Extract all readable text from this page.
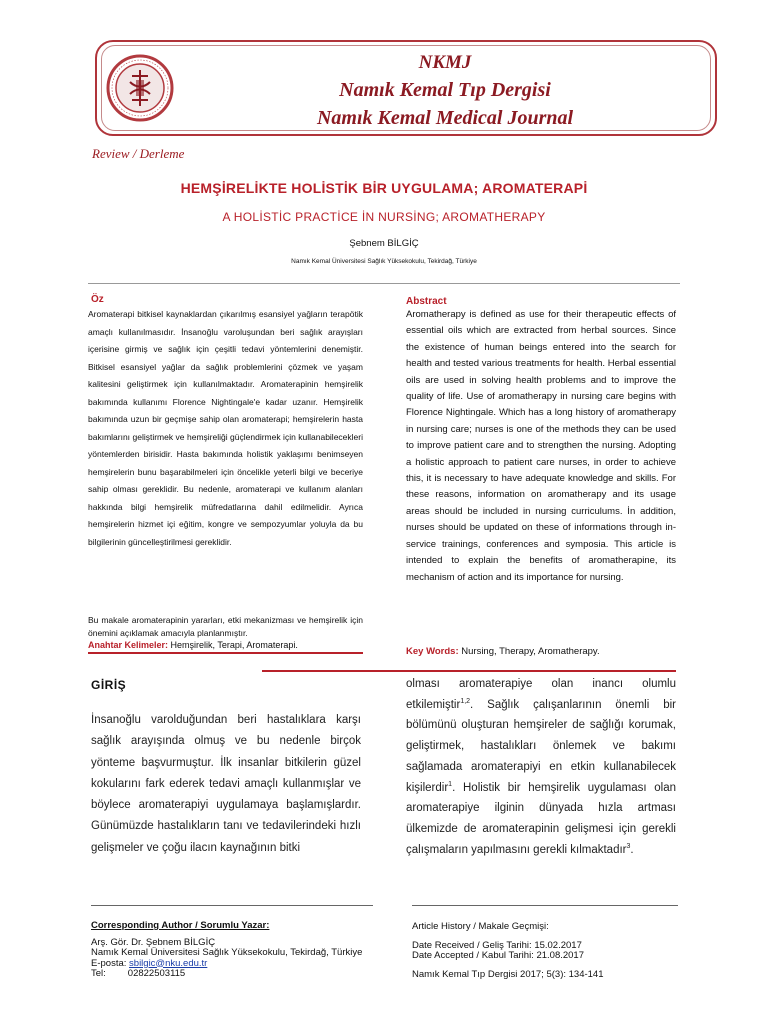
NKMJ
Namık Kemal Tıp Dergisi
Namık Kemal Medical Journal
Review / Derleme
HEMŞİRELİKTE HOLİSTİK BİR UYGULAMA; AROMATERAPİ
A HOLİSTİC PRACTİCE İN NURSİNG; AROMATHERAPY
Şebnem BİLGİÇ
Namık Kemal Üniversitesi Sağlık Yüksekokulu, Tekirdağ, Türkiye
Öz
Aromaterapi bitkisel kaynaklardan çıkarılmış esansiyel yağların terapötik amaçlı kullanılmasıdır. İnsanoğlu varoluşundan beri sağlık arayışları içerisine girmiş ve sağlık için çeşitli tedavi yöntemlerini denemiştir. Bitkisel esansiyel yağlar da sağlık problemlerini çözmek ve yaşam kalitesini geliştirmek için kullanılmaktadır. Aromaterapinin hemşirelik bakımında kullanımı Florence Nightingale'e kadar uzanır. Hemşirelik bakımında uzun bir geçmişe sahip olan aromaterapi; hemşirelerin hasta bakımlarını geliştirmek ve hemşireliği güçlendirmek için kullanabilecekleri yöntemlerden birisidir. Hasta bakımında holistik yaklaşımı benimseyen hemşirelerin bunu başarabilmeleri için öncelikle yeterli bilgi ve beceriye sahip olması gereklidir. Bu nedenle, aromaterapi ve kullanım alanları hakkında bilgi hemşirelik müfredatlarına dahil edilmelidir. Ayrıca hemşirelerin hizmet içi eğitim, kongre ve sempozyumlar yoluyla da bu bilgilerinin güncelleştirilmesi gereklidir.
Bu makale aromaterapinin yararları, etki mekanizması ve hemşirelik için önemini açıklamak amacıyla planlanmıştır.
Anahtar Kelimeler: Hemşirelik, Terapi, Aromaterapi.
Abstract
Aromatherapy is defined as use for their therapeutic effects of essential oils which are extracted from herbal sources. Since the existence of human beings entered into the search for health and tested various treatments for health. Herbal essential oils are used in solving health problems and to improve the quality of life. Use of aromatherapy in nursing care begins with Florence Nightingale. Which has a long history of aromatherapy in nursing care; nurses is one of the methods they can be used to improve patient care and to strengthen the nursing. Adopting a holistic approach to patient care nurses, in order to achieve this, it is necessary to have adequate knowledge and skills. For these reasons, information on aromatherapy and its usage areas should be included in nursing curriculums. İn addition, nurses should be updated on these of informations through in-service trainings, conferences and symposia. This article is intended to explain the benefits of aromatherapine, its mechanism of action and its importance for nursing.
Key Words: Nursing, Therapy, Aromatherapy.
GİRİŞ
İnsanoğlu varolduğundan beri hastalıklara karşı sağlık arayışında olmuş ve bu nedenle birçok yönteme başvurmuştur. İlk insanlar bitkilerin güzel kokularını fark ederek tedavi amaçlı kullanmışlar ve böylece aromaterapiyi uygulamaya başlamışlardır. Günümüzde hastalıkların tanı ve tedavilerindeki hızlı gelişmeler ve çoğu ilacın kaynağının bitki
olması aromaterapiye olan inancı olumlu etkilemiştir$^{1,2}$. Sağlık çalışanlarının önemli bir bölümünü oluşturan hemşireler de sağlığı korumak, geliştirmek, hastalıkları önlemek ve bakımı sağlamada aromaterapiyi en etkin kullanabilecek kişilerdir$^1$. Holistik bir hemşirelik uygulaması olan aromaterapiye ilginin dünyada hızla artması ülkemizde de aromaterapinin gelişmesi için gerekli çalışmaların yapılmasını gerekli kılmaktadır$^3$.
Corresponding Author / Sorumlu Yazar:
Arş. Gör. Dr. Şebnem BİLGİÇ
Namık Kemal Üniversitesi Sağlık Yüksekokulu, Tekirdağ, Türkiye
E-posta: sbilgic@nku.edu.tr
Tel: 02822503115
Article History / Makale Geçmişi:
Date Received / Geliş Tarihi: 15.02.2017
Date Accepted / Kabul Tarihi: 21.08.2017
Namık Kemal Tıp Dergisi 2017; 5(3): 134-141
